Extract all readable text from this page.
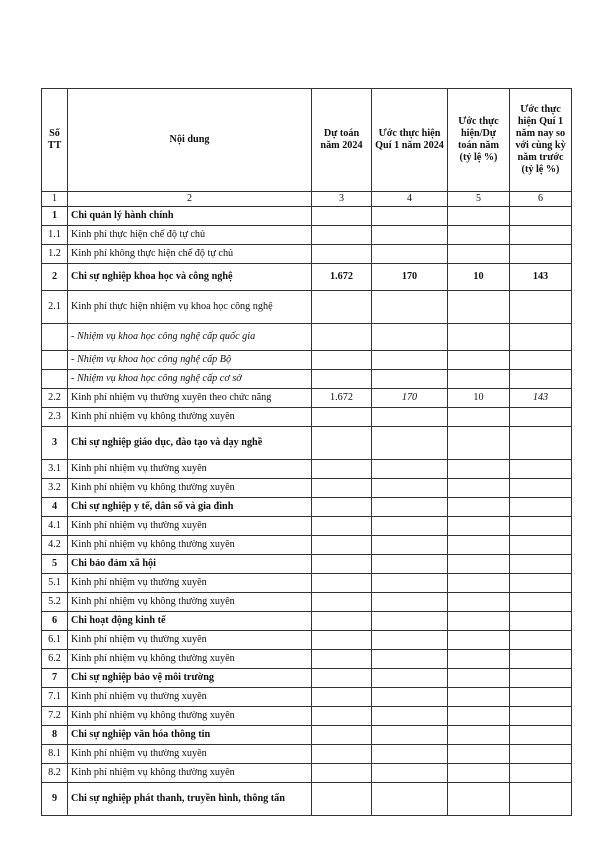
Số TT	Nội dung	Dự toán năm 2024	Ước thực hiện Quí 1 năm 2024	Ước thực hiện/Dự toán năm (tỷ lệ %)	Ước thực hiện Quí 1 năm nay so với cùng kỳ năm trước (tỷ lệ %)
1	2	3	4	5	6
1	Chi quản lý hành chính				
1.1	Kinh phí thực hiện chế độ tự chủ				
1.2	Kinh phí không thực hiện chế độ tự chủ				
2	Chi sự nghiệp khoa học và công nghệ	1.672	170	10	143
2.1	Kinh phí thực hiện nhiệm vụ khoa học công nghệ				
	- Nhiệm vụ khoa học công nghệ cấp quốc gia				
	- Nhiệm vụ khoa học công nghệ cấp Bộ				
	- Nhiệm vụ khoa học công nghệ cấp cơ sở				
2.2	Kinh phí nhiệm vụ thường xuyên theo chức năng	1.672	170	10	143
2.3	Kinh phí nhiệm vụ không thường xuyên				
3	Chi sự nghiệp giáo dục, đào tạo và dạy nghề				
3.1	Kinh phí nhiệm vụ thường xuyên				
3.2	Kinh phí nhiệm vụ không thường xuyên				
4	Chi sự nghiệp y tế, dân số và gia đình				
4.1	Kinh phí nhiệm vụ thường xuyên				
4.2	Kinh phí nhiệm vụ không thường xuyên				
5	Chi bảo đảm xã hội				
5.1	Kinh phí nhiệm vụ thường xuyên				
5.2	Kinh phí nhiệm vụ không thường xuyên				
6	Chi hoạt động kinh tế				
6.1	Kinh phí nhiệm vụ thường xuyên				
6.2	Kinh phí nhiệm vụ không thường xuyên				
7	Chi sự nghiệp bảo vệ môi trường				
7.1	Kinh phí nhiệm vụ thường xuyên				
7.2	Kinh phí nhiệm vụ không thường xuyên				
8	Chi sự nghiệp văn hóa thông tin				
8.1	Kinh phí nhiệm vụ thường xuyên				
8.2	Kinh phí nhiệm vụ không thường xuyên				
9	Chi sự nghiệp phát thanh, truyền hình, thông tấn				
